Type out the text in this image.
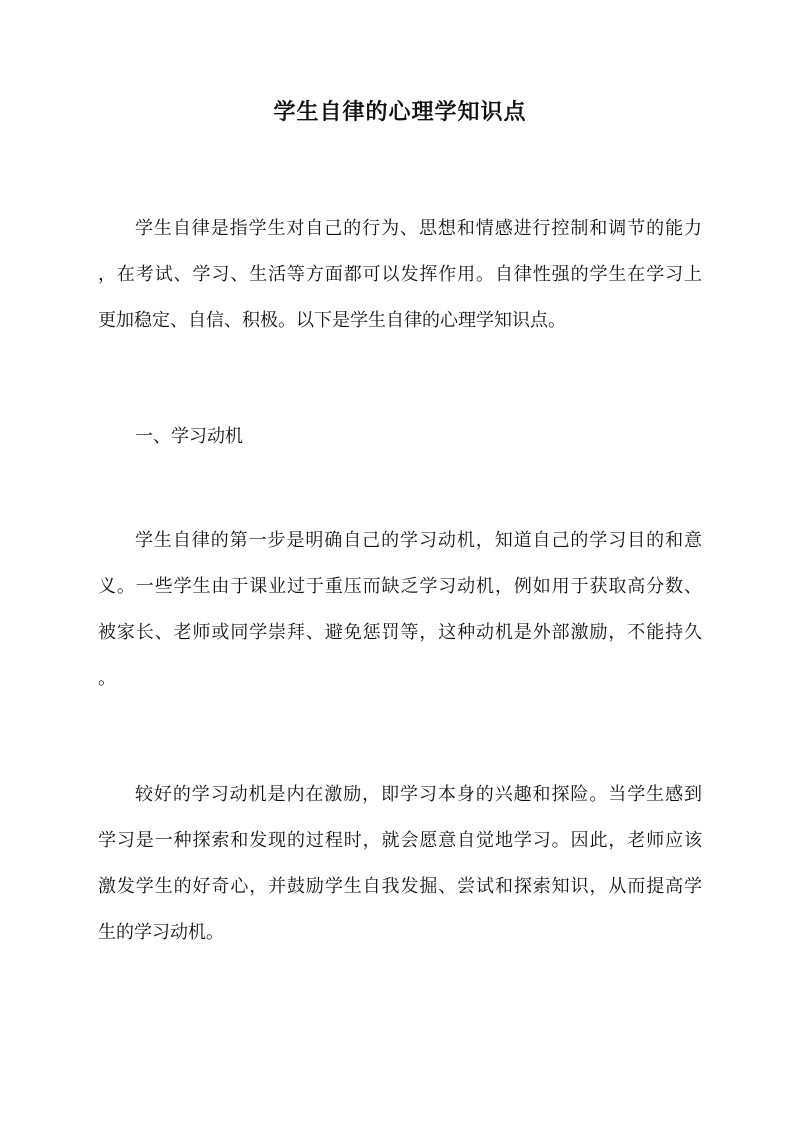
学生自律的心理学知识点
学生自律是指学生对自己的行为、思想和情感进行控制和调节的能力
，在考试、学习、生活等方面都可以发挥作用。自律性强的学生在学习上
更加稳定、自信、积极。以下是学生自律的心理学知识点。
一、学习动机
学生自律的第一步是明确自己的学习动机，知道自己的学习目的和意
义。一些学生由于课业过于重压而缺乏学习动机，例如用于获取高分数、
被家长、老师或同学崇拜、避免惩罚等，这种动机是外部激励，不能持久
。
较好的学习动机是内在激励，即学习本身的兴趣和探险。当学生感到
学习是一种探索和发现的过程时，就会愿意自觉地学习。因此，老师应该
激发学生的好奇心，并鼓励学生自我发掘、尝试和探索知识，从而提高学
生的学习动机。
